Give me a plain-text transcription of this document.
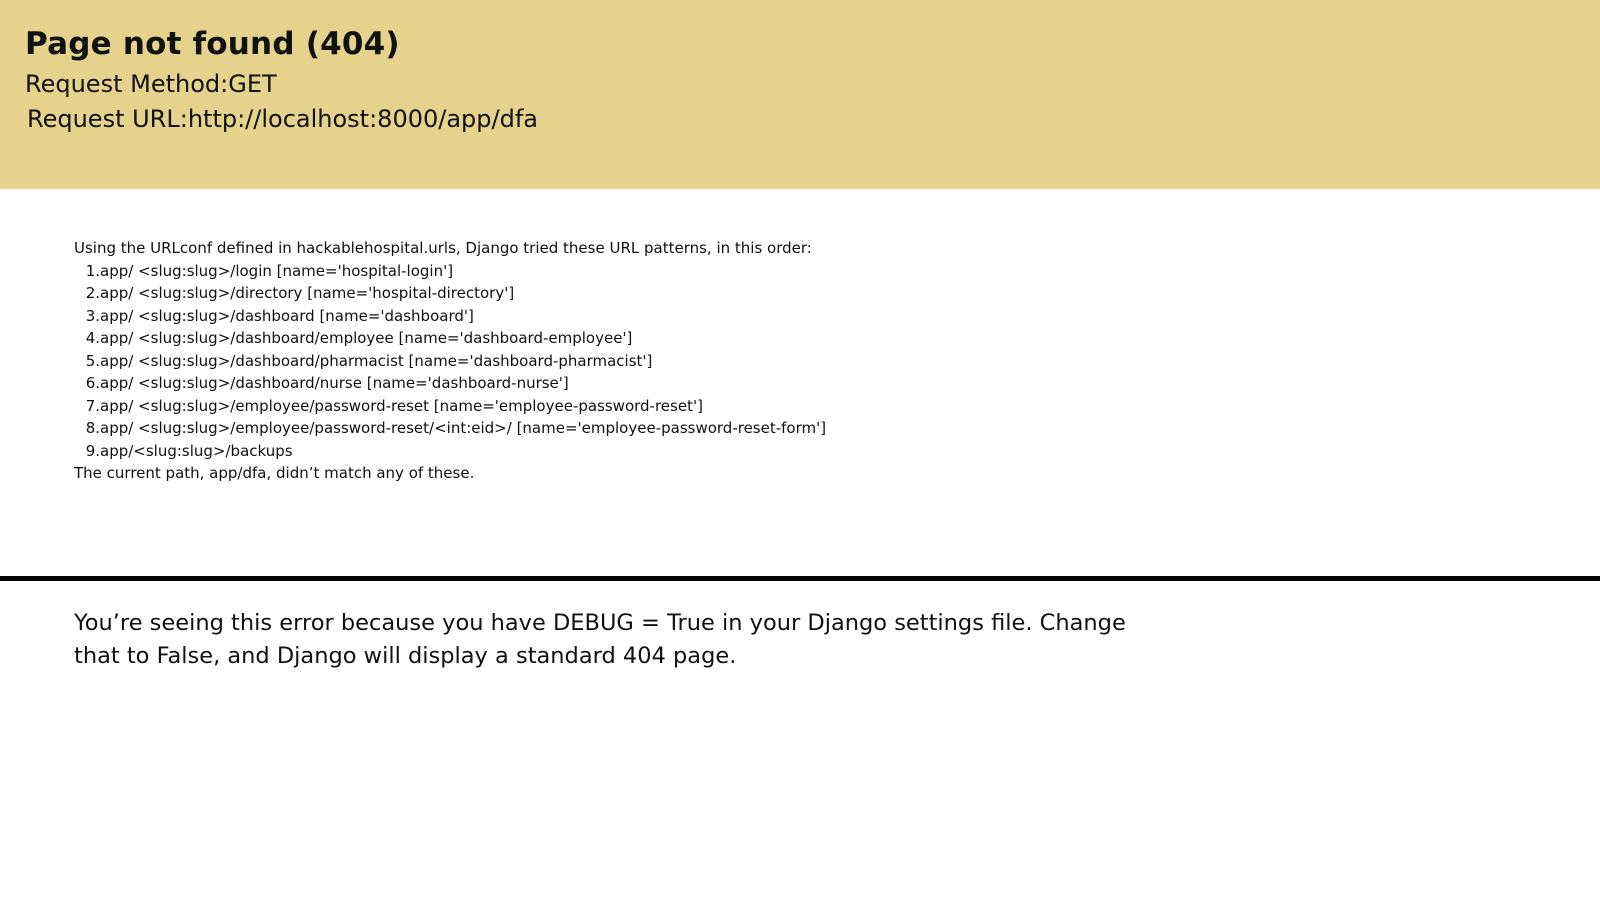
Page not found (404)
Request Method:GET
Request URL:http://localhost:8000/app/dfa
Using the URLconf defined in hackablehospital.urls, Django tried these URL patterns, in this order:
1. app/ <slug:slug>/login [name='hospital-login']
2. app/ <slug:slug>/directory [name='hospital-directory']
3. app/ <slug:slug>/dashboard [name='dashboard']
4. app/ <slug:slug>/dashboard/employee [name='dashboard-employee']
5. app/ <slug:slug>/dashboard/pharmacist [name='dashboard-pharmacist']
6. app/ <slug:slug>/dashboard/nurse [name='dashboard-nurse']
7. app/ <slug:slug>/employee/password-reset [name='employee-password-reset']
8. app/ <slug:slug>/employee/password-reset/<int:eid>/ [name='employee-password-reset-form']
9. app/<slug:slug>/backups
The current path, app/dfa, didn’t match any of these.

You’re seeing this error because you have DEBUG = True in your Django settings file. Change that to False, and Django will display a standard 404 page.
